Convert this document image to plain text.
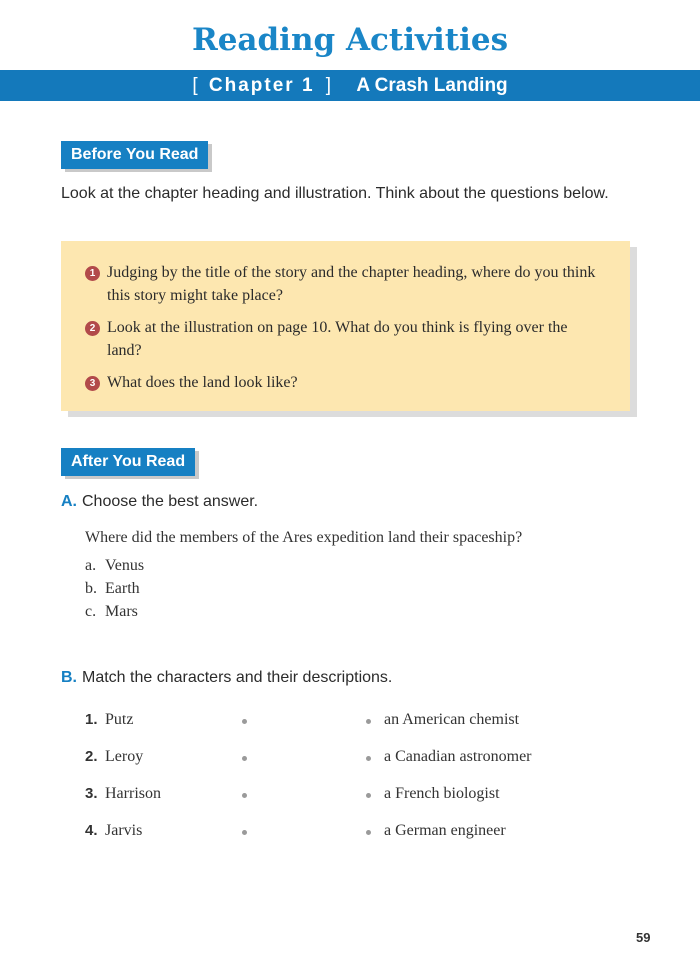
Reading Activities
[ Chapter 1 ] A Crash Landing
Before You Read
Look at the chapter heading and illustration. Think about the questions below.
1 Judging by the title of the story and the chapter heading, where do you think this story might take place?
2 Look at the illustration on page 10. What do you think is flying over the land?
3 What does the land look like?
After You Read
A. Choose the best answer.
Where did the members of the Ares expedition land their spaceship?
a. Venus
b. Earth
c. Mars
B. Match the characters and their descriptions.
1. Putz	an American chemist
2. Leroy	a Canadian astronomer
3. Harrison	a French biologist
4. Jarvis	a German engineer
59
